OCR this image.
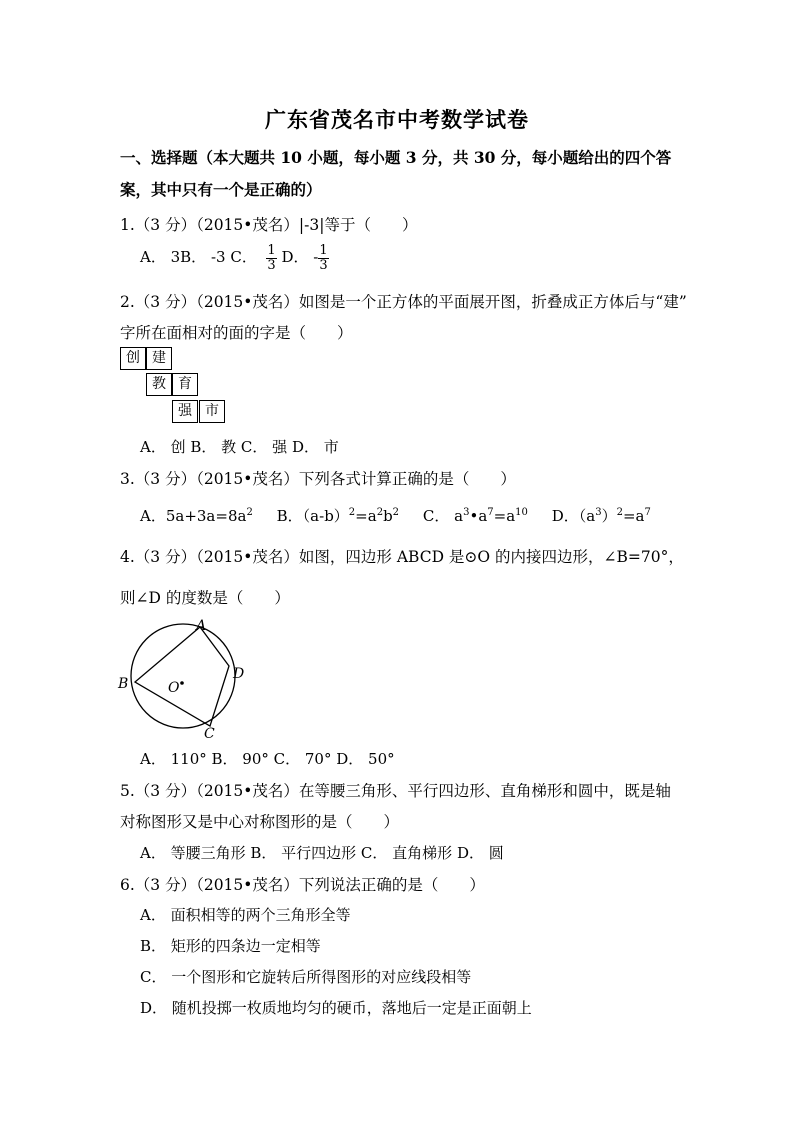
广东省茂名市中考数学试卷
一、选择题（本大题共 10 小题，每小题 3 分，共 30 分，每小题给出的四个答
案，其中只有一个是正确的）
1.（3 分）（2015•茂名）|-3|等于（　　）
A． 3B． -3 C． $\frac{1}{3}$ D． - $\frac{1}{3}$
2.（3 分）（2015•茂名）如图是一个正方体的平面展开图，折叠成正方体后与“建”
字所在面相对的面的字是（　　）
创 建
教 育
强 市
A． 创 B． 教 C． 强 D． 市
3.（3 分）（2015•茂名）下列各式计算正确的是（　　）
A．$5a+3a=8a^2$ B．$(a-b)^2=a^2b^2$ C． $a^3•a^7=a^{10}$ D．$(a^3)^2=a^7$
4.（3 分）（2015•茂名）如图，四边形 ABCD 是⊙O 的内接四边形，∠B=70°，
则∠D 的度数是（　　）
A
B
C
D
O
A． 110° B． 90° C． 70° D． 50°
5.（3 分）（2015•茂名）在等腰三角形、平行四边形、直角梯形和圆中，既是轴
对称图形又是中心对称图形的是（　　）
A． 等腰三角形 B． 平行四边形 C． 直角梯形 D． 圆
6.（3 分）（2015•茂名）下列说法正确的是（　　）
A． 面积相等的两个三角形全等
B． 矩形的四条边一定相等
C． 一个图形和它旋转后所得图形的对应线段相等
D． 随机投掷一枚质地均匀的硬币，落地后一定是正面朝上
